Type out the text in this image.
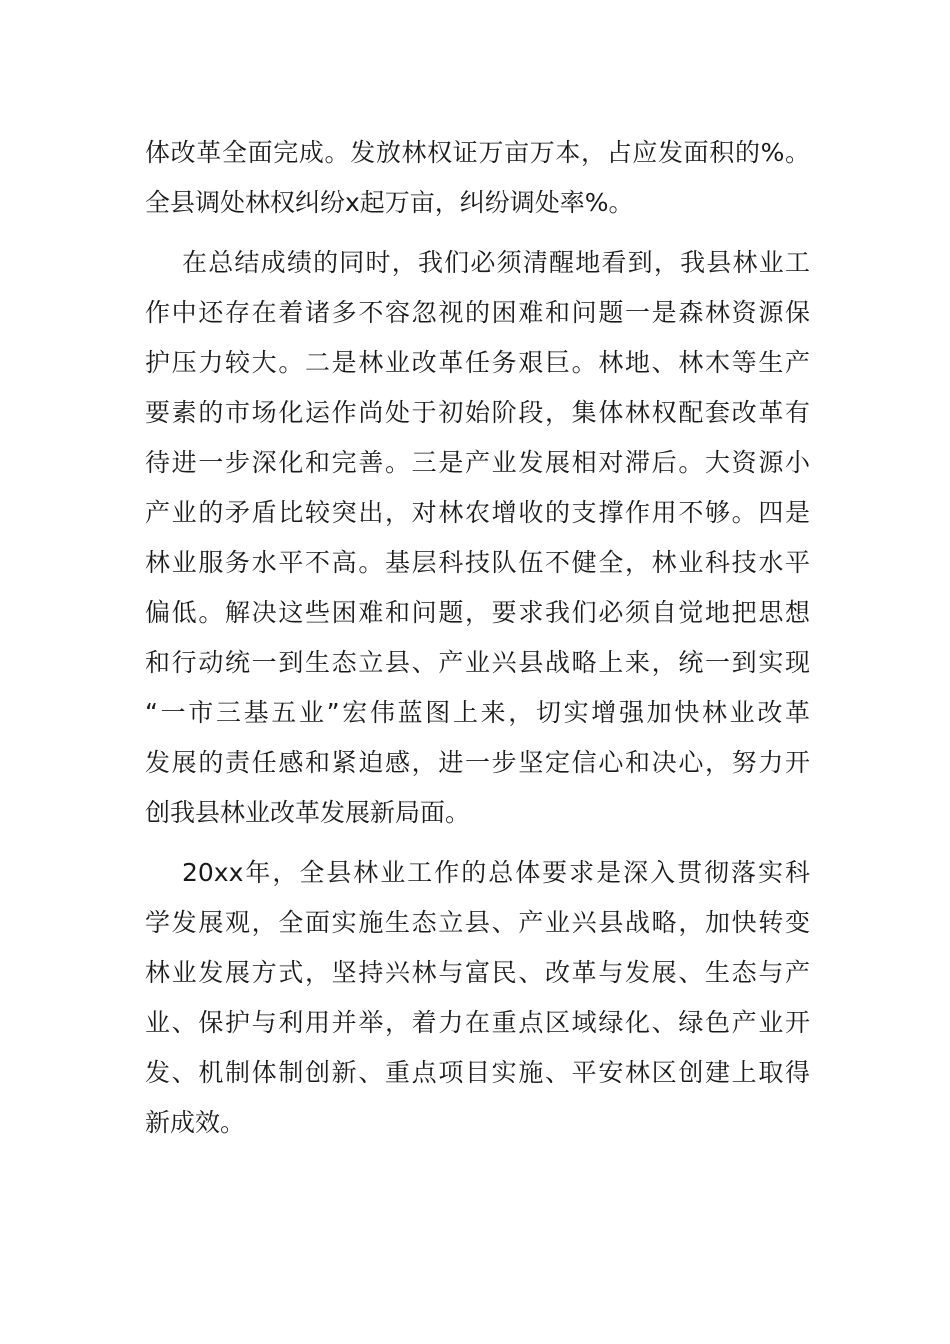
体改革全面完成。发放林权证万亩万本，占应发面积的%。
全县调处林权纠纷x起万亩，纠纷调处率%。
在总结成绩的同时，我们必须清醒地看到，我县林业工
作中还存在着诸多不容忽视的困难和问题一是森林资源保
护压力较大。二是林业改革任务艰巨。林地、林木等生产
要素的市场化运作尚处于初始阶段，集体林权配套改革有
待进一步深化和完善。三是产业发展相对滞后。大资源小
产业的矛盾比较突出，对林农增收的支撑作用不够。四是
林业服务水平不高。基层科技队伍不健全，林业科技水平
偏低。解决这些困难和问题，要求我们必须自觉地把思想
和行动统一到生态立县、产业兴县战略上来，统一到实现
“一市三基五业”宏伟蓝图上来，切实增强加快林业改革
发展的责任感和紧迫感，进一步坚定信心和决心，努力开
创我县林业改革发展新局面。
20xx年，全县林业工作的总体要求是深入贯彻落实科
学发展观，全面实施生态立县、产业兴县战略，加快转变
林业发展方式，坚持兴林与富民、改革与发展、生态与产
业、保护与利用并举，着力在重点区域绿化、绿色产业开
发、机制体制创新、重点项目实施、平安林区创建上取得
新成效。
